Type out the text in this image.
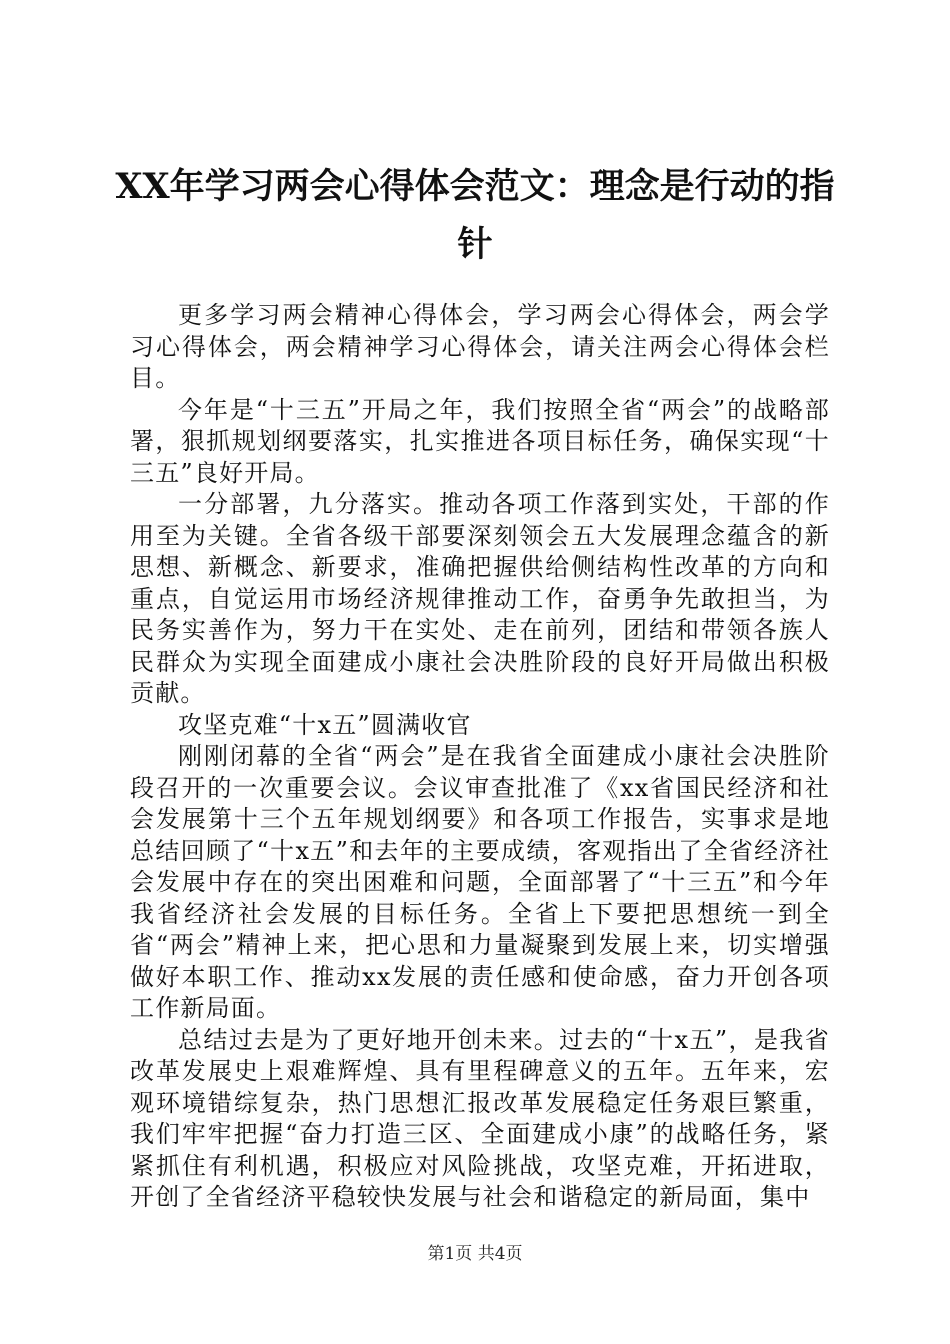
XX年学习两会心得体会范文：理念是行动的指针

更多学习两会精神心得体会，学习两会心得体会，两会学习心得体会，两会精神学习心得体会，请关注两会心得体会栏目。

今年是“十三五”开局之年，我们按照全省“两会”的战略部署，狠抓规划纲要落实，扎实推进各项目标任务，确保实现“十三五”良好开局。

一分部署，九分落实。推动各项工作落到实处，干部的作用至为关键。全省各级干部要深刻领会五大发展理念蕴含的新思想、新概念、新要求，准确把握供给侧结构性改革的方向和重点，自觉运用市场经济规律推动工作，奋勇争先敢担当，为民务实善作为，努力干在实处、走在前列，团结和带领各族人民群众为实现全面建成小康社会决胜阶段的良好开局做出积极贡献。

攻坚克难“十x五”圆满收官

刚刚闭幕的全省“两会”是在我省全面建成小康社会决胜阶段召开的一次重要会议。会议审查批准了《xx省国民经济和社会发展第十三个五年规划纲要》和各项工作报告，实事求是地总结回顾了“十x五”和去年的主要成绩，客观指出了全省经济社会发展中存在的突出困难和问题，全面部署了“十三五”和今年我省经济社会发展的目标任务。全省上下要把思想统一到全省“两会”精神上来，把心思和力量凝聚到发展上来，切实增强做好本职工作、推动xx发展的责任感和使命感，奋力开创各项工作新局面。

总结过去是为了更好地开创未来。过去的“十x五”，是我省改革发展史上艰难辉煌、具有里程碑意义的五年。五年来，宏观环境错综复杂，热门思想汇报改革发展稳定任务艰巨繁重，我们牢牢把握“奋力打造三区、全面建成小康”的战略任务，紧紧抓住有利机遇，积极应对风险挑战，攻坚克难，开拓进取，开创了全省经济平稳较快发展与社会和谐稳定的新局面，集中

第1页 共4页
